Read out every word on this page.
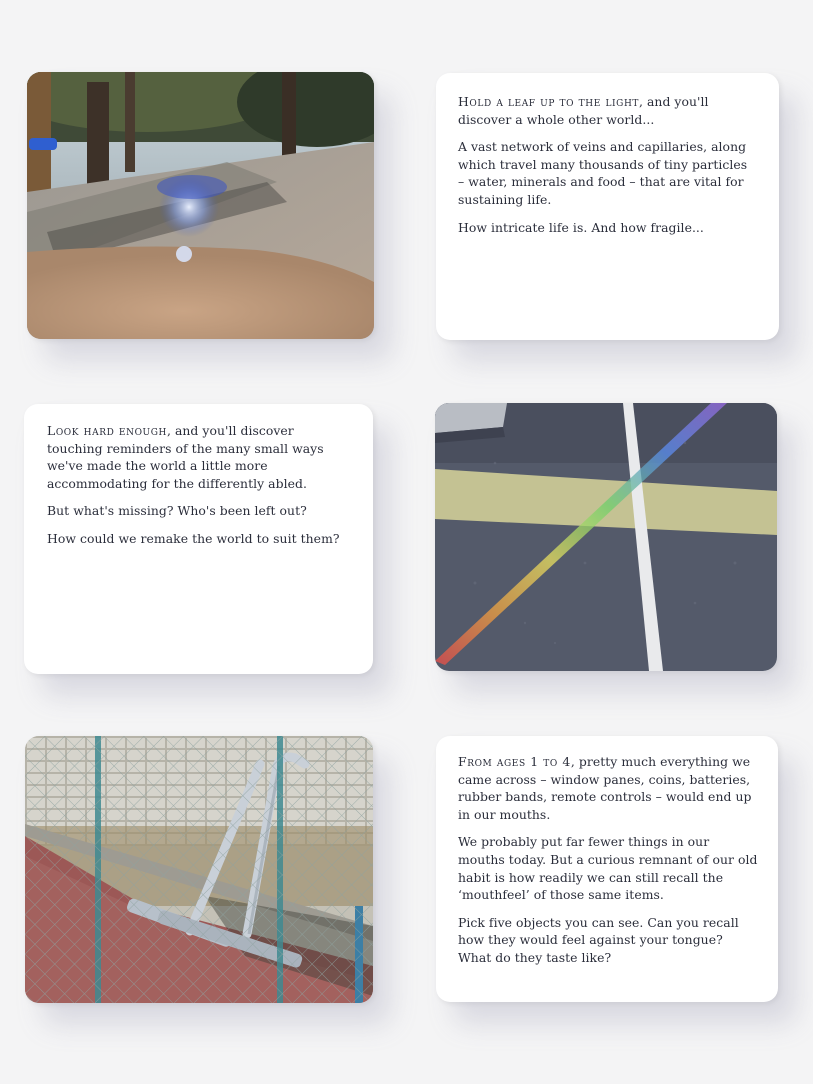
Hold a leaf up to the light, and you'll discover a whole other world...

A vast network of veins and capillaries, along which travel many thousands of tiny particles – water, minerals and food – that are vital for sustaining life.

How intricate life is. And how fragile...

Look hard enough, and you'll discover touching reminders of the many small ways we've made the world a little more accommodating for the differently abled.

But what's missing? Who's been left out?

How could we remake the world to suit them?

From ages 1 to 4, pretty much everything we came across – window panes, coins, batteries, rubber bands, remote controls – would end up in our mouths.

We probably put far fewer things in our mouths today. But a curious remnant of our old habit is how readily we can still recall the ‘mouthfeel’ of those same items.

Pick five objects you can see. Can you recall how they would feel against your tongue? What do they taste like?
